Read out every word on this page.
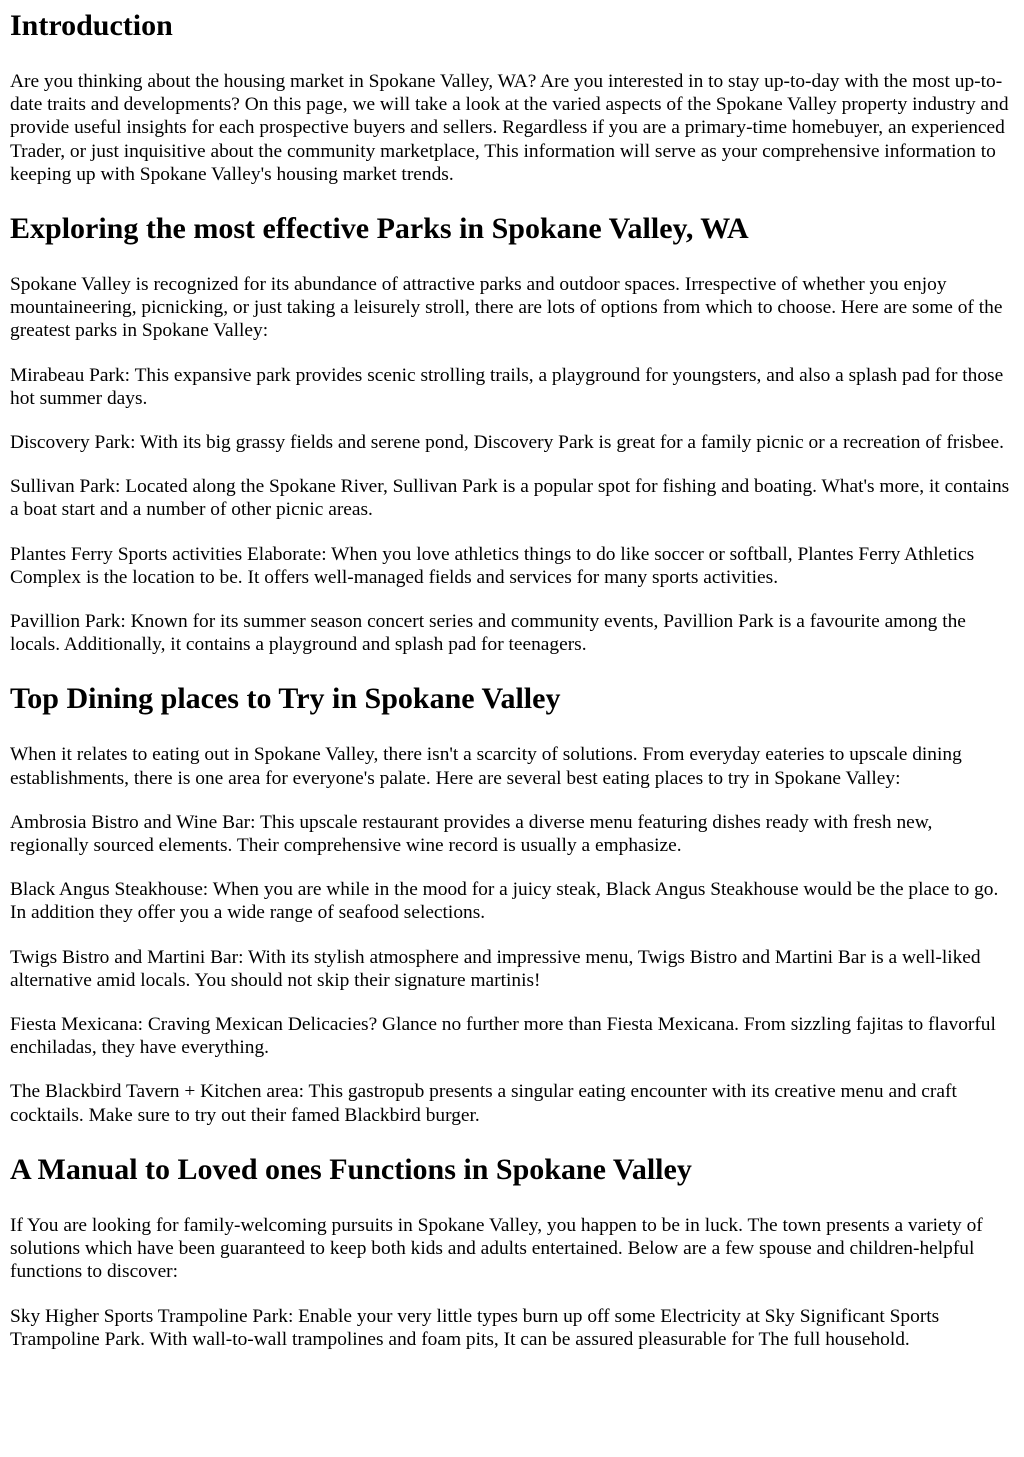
Introduction

Are you thinking about the housing market in Spokane Valley, WA? Are you interested in to stay up-to-day with the most up-to-date traits and developments? On this page, we will take a look at the varied aspects of the Spokane Valley property industry and provide useful insights for each prospective buyers and sellers. Regardless if you are a primary-time homebuyer, an experienced Trader, or just inquisitive about the community marketplace, This information will serve as your comprehensive information to keeping up with Spokane Valley's housing market trends.

Exploring the most effective Parks in Spokane Valley, WA

Spokane Valley is recognized for its abundance of attractive parks and outdoor spaces. Irrespective of whether you enjoy mountaineering, picnicking, or just taking a leisurely stroll, there are lots of options from which to choose. Here are some of the greatest parks in Spokane Valley:

Mirabeau Park: This expansive park provides scenic strolling trails, a playground for youngsters, and also a splash pad for those hot summer days.

Discovery Park: With its big grassy fields and serene pond, Discovery Park is great for a family picnic or a recreation of frisbee.

Sullivan Park: Located along the Spokane River, Sullivan Park is a popular spot for fishing and boating. What's more, it contains a boat start and a number of other picnic areas.

Plantes Ferry Sports activities Elaborate: When you love athletics things to do like soccer or softball, Plantes Ferry Athletics Complex is the location to be. It offers well-managed fields and services for many sports activities.

Pavillion Park: Known for its summer season concert series and community events, Pavillion Park is a favourite among the locals. Additionally, it contains a playground and splash pad for teenagers.

Top Dining places to Try in Spokane Valley

When it relates to eating out in Spokane Valley, there isn't a scarcity of solutions. From everyday eateries to upscale dining establishments, there is one area for everyone's palate. Here are several best eating places to try in Spokane Valley:

Ambrosia Bistro and Wine Bar: This upscale restaurant provides a diverse menu featuring dishes ready with fresh new, regionally sourced elements. Their comprehensive wine record is usually a emphasize.

Black Angus Steakhouse: When you are while in the mood for a juicy steak, Black Angus Steakhouse would be the place to go. In addition they offer you a wide range of seafood selections.

Twigs Bistro and Martini Bar: With its stylish atmosphere and impressive menu, Twigs Bistro and Martini Bar is a well-liked alternative amid locals. You should not skip their signature martinis!

Fiesta Mexicana: Craving Mexican Delicacies? Glance no further more than Fiesta Mexicana. From sizzling fajitas to flavorful enchiladas, they have everything.

The Blackbird Tavern + Kitchen area: This gastropub presents a singular eating encounter with its creative menu and craft cocktails. Make sure to try out their famed Blackbird burger.

A Manual to Loved ones Functions in Spokane Valley

If You are looking for family-welcoming pursuits in Spokane Valley, you happen to be in luck. The town presents a variety of solutions which have been guaranteed to keep both kids and adults entertained. Below are a few spouse and children-helpful functions to discover:

Sky Higher Sports Trampoline Park: Enable your very little types burn up off some Electricity at Sky Significant Sports Trampoline Park. With wall-to-wall trampolines and foam pits, It can be assured pleasurable for The full household.
